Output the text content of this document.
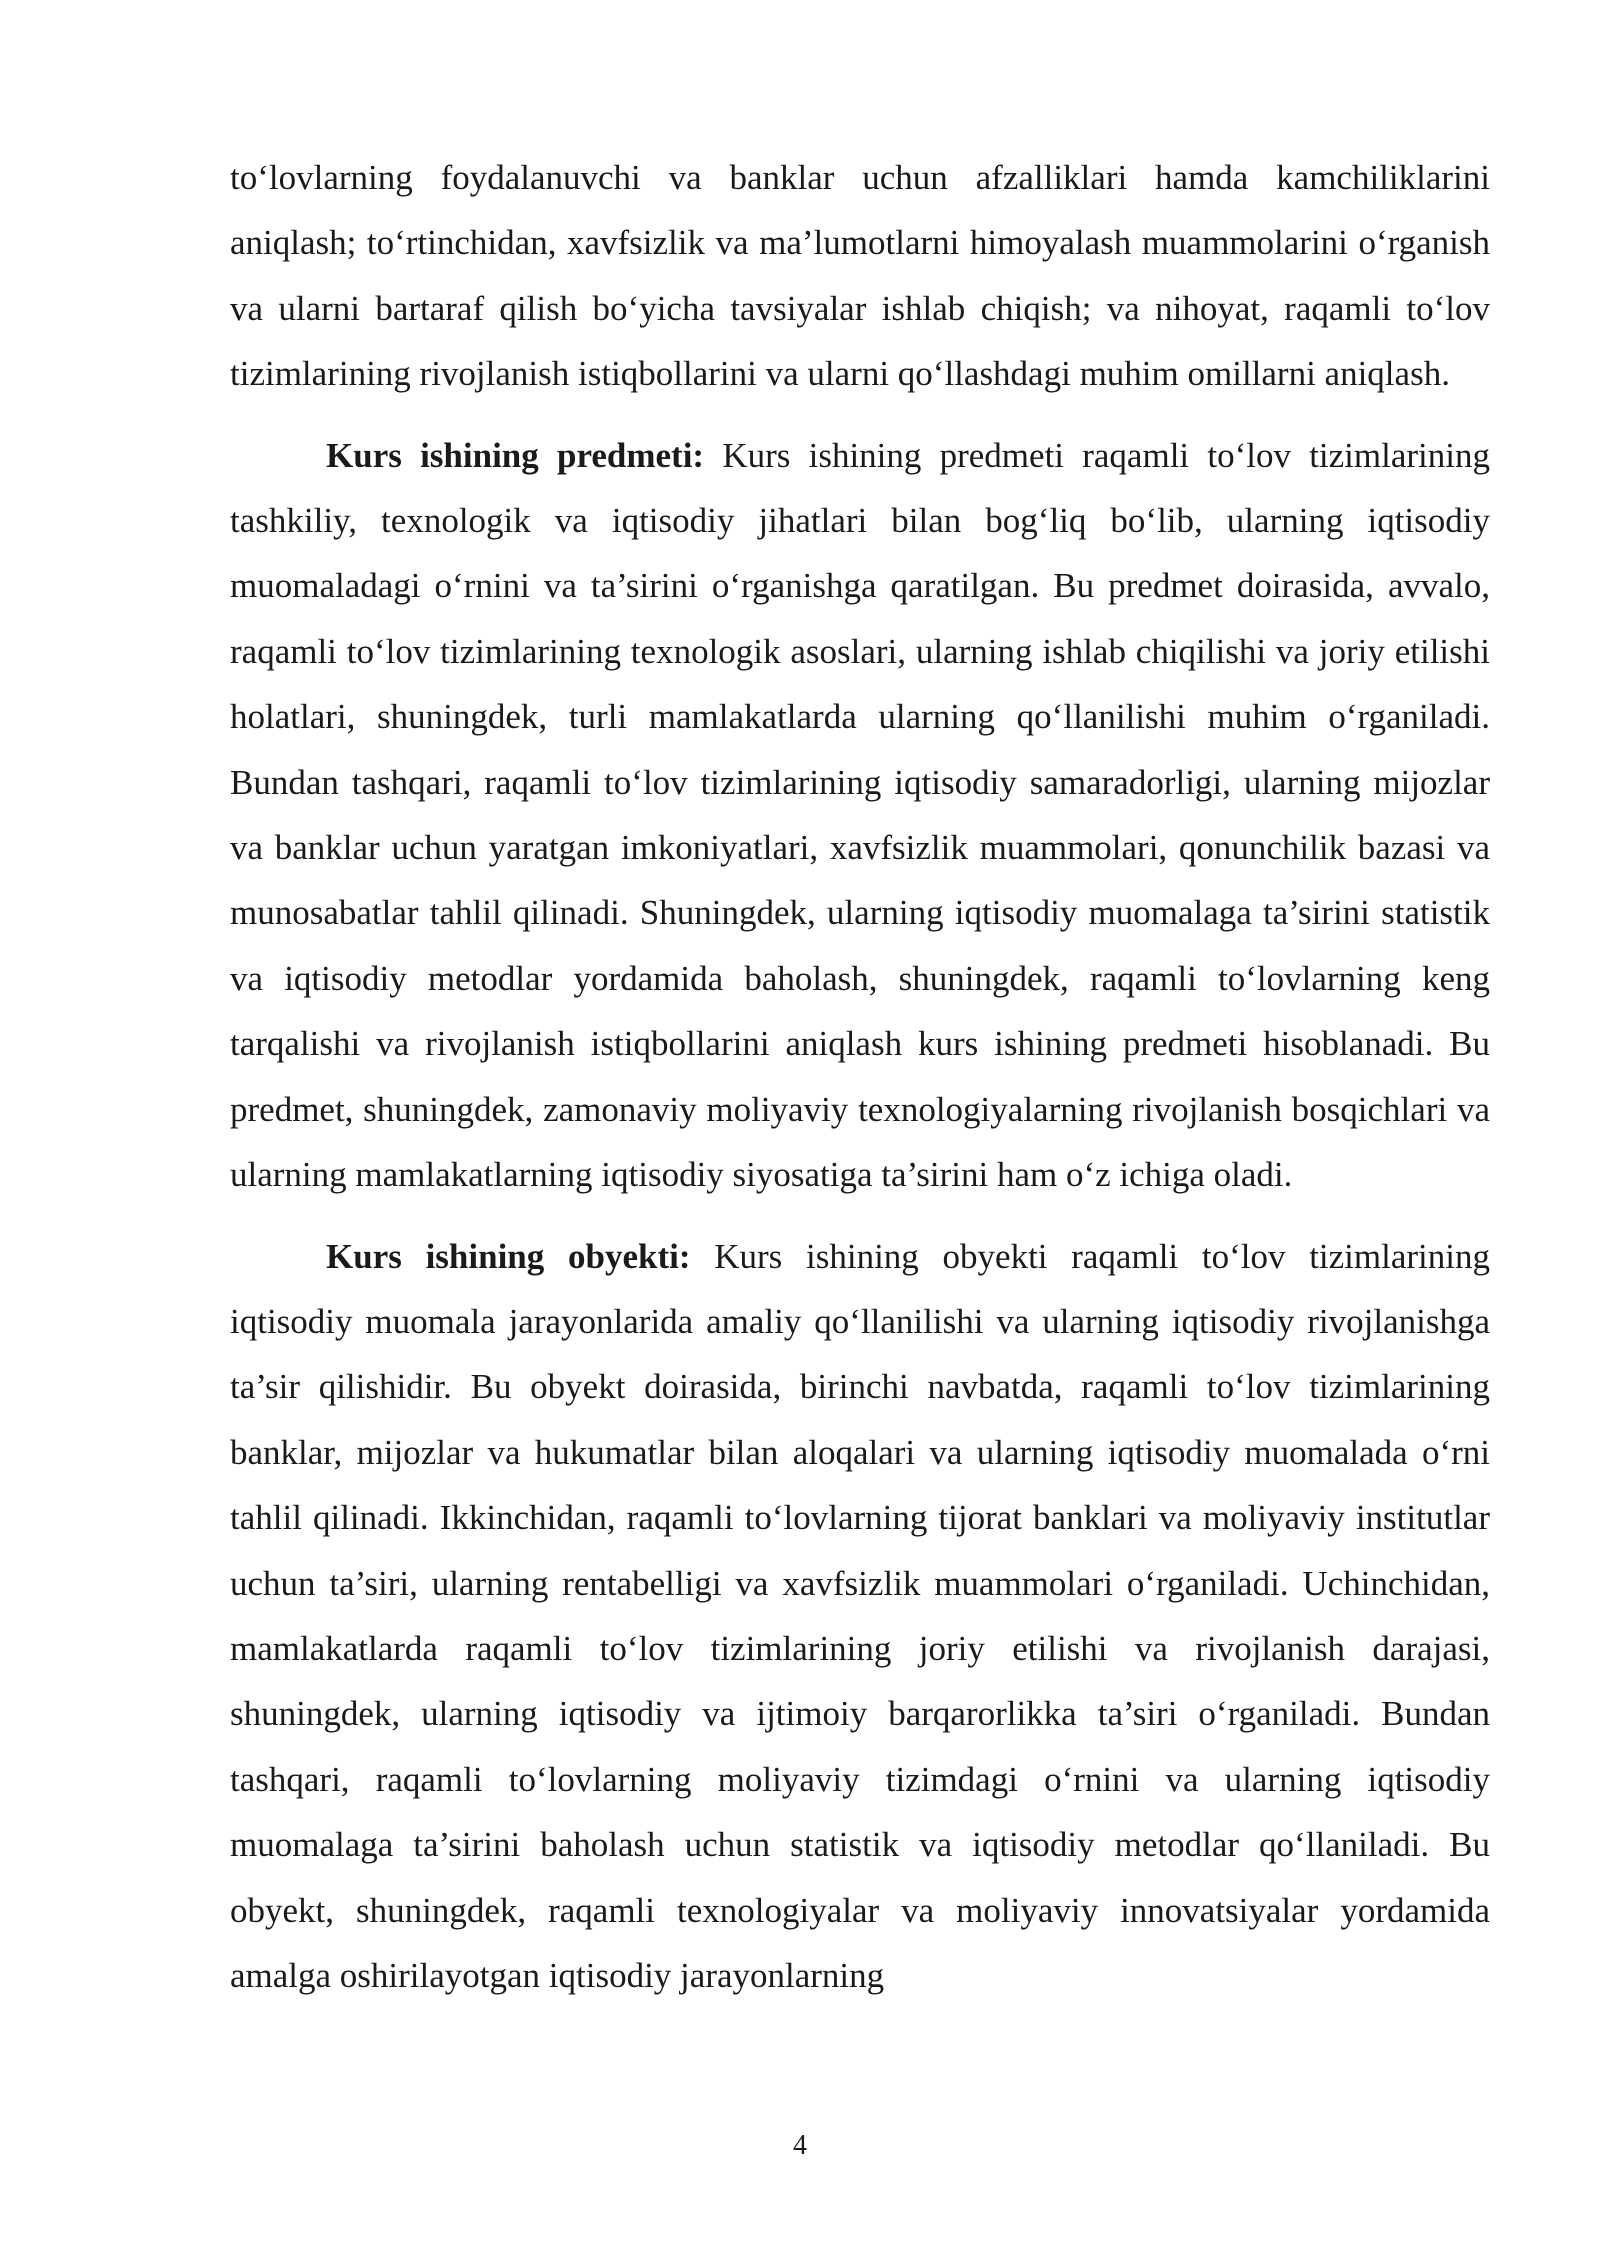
to‘lovlarning foydalanuvchi va banklar uchun afzalliklari hamda kamchiliklarini aniqlash; to‘rtinchidan, xavfsizlik va ma’lumotlarni himoyalash muammolarini o‘rganish va ularni bartaraf qilish bo‘yicha tavsiyalar ishlab chiqish; va nihoyat, raqamli to‘lov tizimlarining rivojlanish istiqbollarini va ularni qo‘llashdagi muhim omillarni aniqlash.

Kurs ishining predmeti: Kurs ishining predmeti raqamli to‘lov tizimlarining tashkiliy, texnologik va iqtisodiy jihatlari bilan bog‘liq bo‘lib, ularning iqtisodiy muomaladagi o‘rnini va ta’sirini o‘rganishga qaratilgan. Bu predmet doirasida, avvalo, raqamli to‘lov tizimlarining texnologik asoslari, ularning ishlab chiqilishi va joriy etilishi holatlari, shuningdek, turli mamlakatlarda ularning qo‘llanilishi muhim o‘rganiladi. Bundan tashqari, raqamli to‘lov tizimlarining iqtisodiy samaradorligi, ularning mijozlar va banklar uchun yaratgan imkoniyatlari, xavfsizlik muammolari, qonunchilik bazasi va munosabatlar tahlil qilinadi. Shuningdek, ularning iqtisodiy muomalaga ta’sirini statistik va iqtisodiy metodlar yordamida baholash, shuningdek, raqamli to‘lovlarning keng tarqalishi va rivojlanish istiqbollarini aniqlash kurs ishining predmeti hisoblanadi. Bu predmet, shuningdek, zamonaviy moliyaviy texnologiyalarning rivojlanish bosqichlari va ularning mamlakatlarning iqtisodiy siyosatiga ta’sirini ham o‘z ichiga oladi.

Kurs ishining obyekti: Kurs ishining obyekti raqamli to‘lov tizimlarining iqtisodiy muomala jarayonlarida amaliy qo‘llanilishi va ularning iqtisodiy rivojlanishga ta’sir qilishidir. Bu obyekt doirasida, birinchi navbatda, raqamli to‘lov tizimlarining banklar, mijozlar va hukumatlar bilan aloqalari va ularning iqtisodiy muomalada o‘rni tahlil qilinadi. Ikkinchidan, raqamli to‘lovlarning tijorat banklari va moliyaviy institutlar uchun ta’siri, ularning rentabelligi va xavfsizlik muammolari o‘rganiladi. Uchinchidan, mamlakatlarda raqamli to‘lov tizimlarining joriy etilishi va rivojlanish darajasi, shuningdek, ularning iqtisodiy va ijtimoiy barqarorlikka ta’siri o‘rganiladi. Bundan tashqari, raqamli to‘lovlarning moliyaviy tizimdagi o‘rnini va ularning iqtisodiy muomalaga ta’sirini baholash uchun statistik va iqtisodiy metodlar qo‘llaniladi. Bu obyekt, shuningdek, raqamli texnologiyalar va moliyaviy innovatsiyalar yordamida amalga oshirilayotgan iqtisodiy jarayonlarning

4
